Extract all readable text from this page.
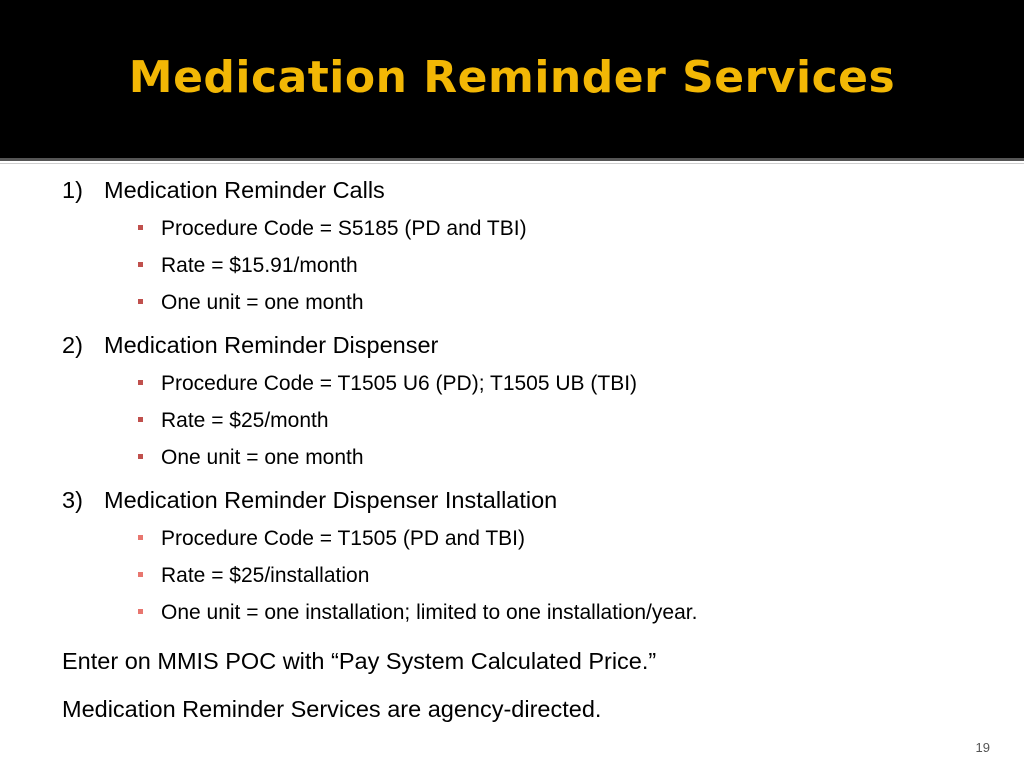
Medication Reminder Services
1) Medication Reminder Calls
Procedure Code = S5185 (PD and TBI)
Rate = $15.91/month
One unit = one month
2) Medication Reminder Dispenser
Procedure Code = T1505 U6 (PD); T1505 UB (TBI)
Rate = $25/month
One unit = one month
3) Medication Reminder Dispenser Installation
Procedure Code = T1505 (PD and TBI)
Rate = $25/installation
One unit = one installation; limited to one installation/year.
Enter on MMIS POC with “Pay System Calculated Price.”
Medication Reminder Services are agency-directed.
19
